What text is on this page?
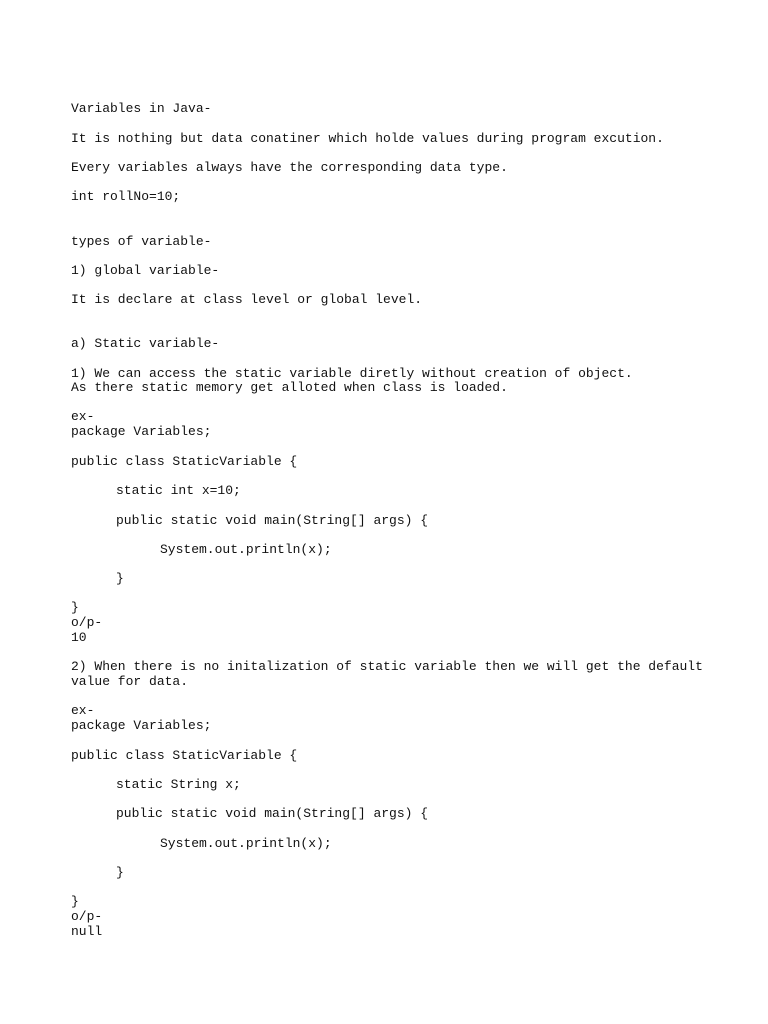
Variables in Java-

It is nothing but data conatiner which holde values during program excution.

Every variables always have the corresponding data type.

int rollNo=10;

types of variable-

1) global variable-

It is declare at class level or global level.

a) Static variable-

1) We can access the static variable diretly without creation of object.

As there static memory get alloted when class is loaded.

ex-

package Variables;

public class StaticVariable {

static int x=10;

public static void main(String[] args) {

System.out.println(x);

}

}

o/p-

10

2) When there is no initalization of static variable then we will get the default

value for data.

ex-

package Variables;

public class StaticVariable {

static String x;

public static void main(String[] args) {

System.out.println(x);

}

}

o/p-

null
